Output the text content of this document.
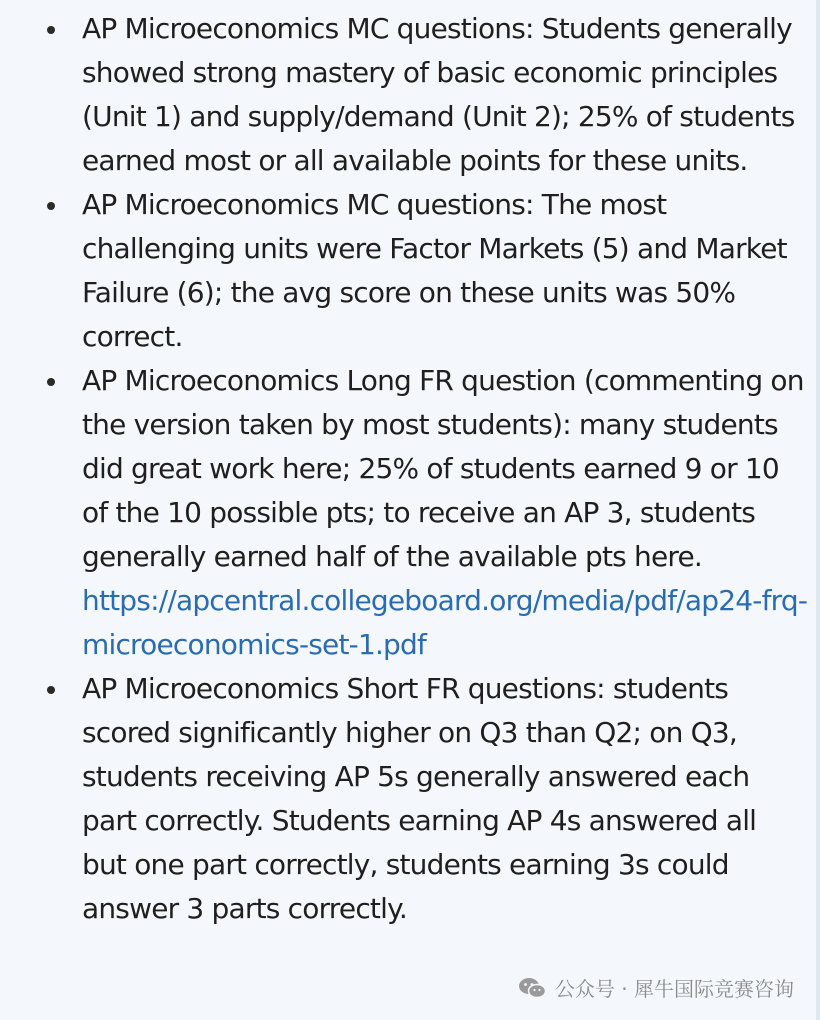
AP Microeconomics MC questions: Students generally showed strong mastery of basic economic principles (Unit 1) and supply/demand (Unit 2); 25% of students earned most or all available points for these units.
AP Microeconomics MC questions: The most challenging units were Factor Markets (5) and Market Failure (6); the avg score on these units was 50% correct.
AP Microeconomics Long FR question (commenting on the version taken by most students): many students did great work here; 25% of students earned 9 or 10 of the 10 possible pts; to receive an AP 3, students generally earned half of the available pts here.
https://apcentral.collegeboard.org/media/pdf/ap24-frq-microeconomics-set-1.pdf
AP Microeconomics Short FR questions: students scored significantly higher on Q3 than Q2; on Q3, students receiving AP 5s generally answered each part correctly. Students earning AP 4s answered all but one part correctly, students earning 3s could answer 3 parts correctly.
公众号 · 犀牛国际竞赛咨询
